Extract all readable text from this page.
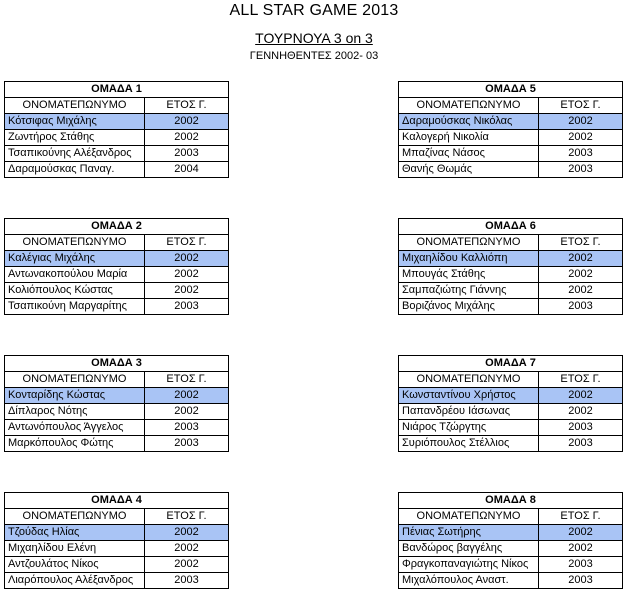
ALL STAR GAME 2013
ΤΟΥΡΝΟΥΑ 3 on 3
ΓΕΝΝΗΘΕΝΤΕΣ 2002- 03
ΟΜΑΔΑ 1	
ΟΝΟΜΑΤΕΠΩΝΥΜΟ	ΕΤΟΣ Γ.
Κότσιφας Μιχάλης	2002
Ζωντήρος Στάθης	2002
Τσαπικούνης Αλέξανδρος	2003
Δαραμούσκας Παναγ.	2004
ΟΜΑΔΑ 5	
ΟΝΟΜΑΤΕΠΩΝΥΜΟ	ΕΤΟΣ Γ.
Δαραμούσκας Νικόλας	2002
Καλογερή Νικολία	2002
Μπαζίνας Νάσος	2003
Θανής Θωμάς	2003
ΟΜΑΔΑ 2	
ΟΝΟΜΑΤΕΠΩΝΥΜΟ	ΕΤΟΣ Γ.
Καλέγιας Μιχάλης	2002
Αντωνακοπούλου Μαρία	2002
Κολιόπουλος Κώστας	2002
Τσαπικούνη Μαργαρίτης	2003
ΟΜΑΔΑ 6	
ΟΝΟΜΑΤΕΠΩΝΥΜΟ	ΕΤΟΣ Γ.
Μιχαηλίδου Καλλιόπη	2002
Μπουγάς Στάθης	2002
Σαμπαζιώτης Γιάννης	2002
Βοριζάνος Μιχάλης	2003
ΟΜΑΔΑ 3	
ΟΝΟΜΑΤΕΠΩΝΥΜΟ	ΕΤΟΣ Γ.
Κονταρίδης Κώστας	2002
Δίπλαρος Νότης	2002
Αντωνόπουλος Άγγελος	2003
Μαρκόπουλος Φώτης	2003
ΟΜΑΔΑ 7	
ΟΝΟΜΑΤΕΠΩΝΥΜΟ	ΕΤΟΣ Γ.
Κωνσταντίνου Χρήστος	2002
Παπανδρέου Ιάσωνας	2002
Νιάρος Τζώργτης	2003
Συριόπουλος Στέλλιος	2003
ΟΜΑΔΑ 4	
ΟΝΟΜΑΤΕΠΩΝΥΜΟ	ΕΤΟΣ Γ.
Τζούδας Ηλίας	2002
Μιχαηλίδου Ελένη	2002
Αντζουλάτος Νίκος	2002
Λιαρόπουλος Αλέξανδρος	2003
ΟΜΑΔΑ 8	
ΟΝΟΜΑΤΕΠΩΝΥΜΟ	ΕΤΟΣ Γ.
Πένιας Σωτήρης	2002
Βανδώρος βαγγέλης	2002
Φραγκοπαναγιώτης Νίκος	2003
Μιχαλόπουλος Αναστ.	2003
